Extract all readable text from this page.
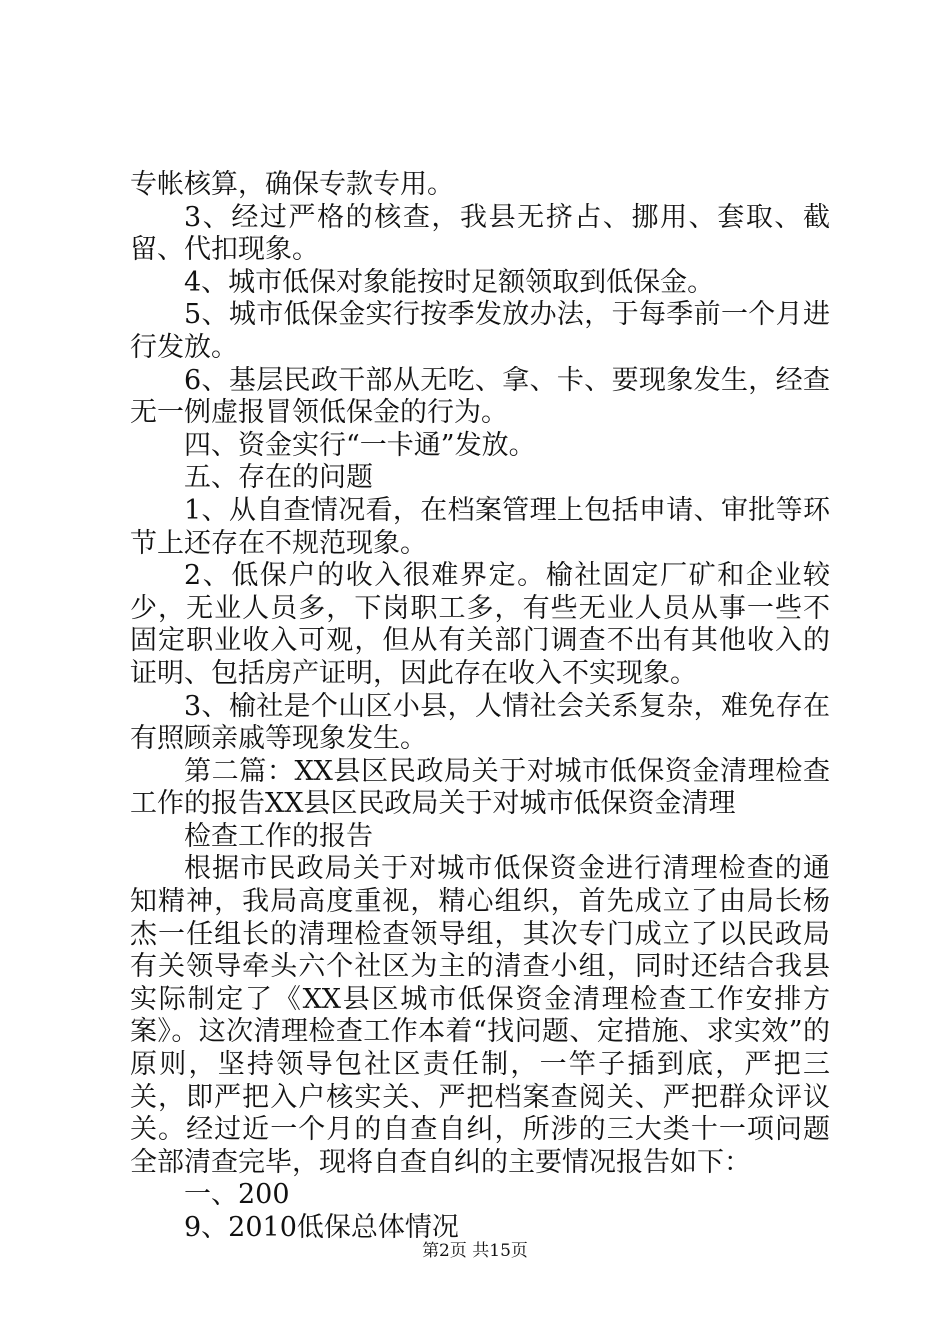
专帐核算，确保专款专用。

3、经过严格的核查，我县无挤占、挪用、套取、截留、代扣现象。

4、城市低保对象能按时足额领取到低保金。

5、城市低保金实行按季发放办法，于每季前一个月进行发放。

6、基层民政干部从无吃、拿、卡、要现象发生，经查无一例虚报冒领低保金的行为。

四、资金实行“一卡通”发放。

五、存在的问题

1、从自查情况看，在档案管理上包括申请、审批等环节上还存在不规范现象。

2、低保户的收入很难界定。榆社固定厂矿和企业较少，无业人员多，下岗职工多，有些无业人员从事一些不固定职业收入可观，但从有关部门调查不出有其他收入的证明、包括房产证明，因此存在收入不实现象。

3、榆社是个山区小县，人情社会关系复杂，难免存在有照顾亲戚等现象发生。

第二篇：XX县区民政局关于对城市低保资金清理检查工作的报告XX县区民政局关于对城市低保资金清理

检查工作的报告

根据市民政局关于对城市低保资金进行清理检查的通知精神，我局高度重视，精心组织，首先成立了由局长杨杰一任组长的清理检查领导组，其次专门成立了以民政局有关领导牵头六个社区为主的清查小组，同时还结合我县实际制定了《XX县区城市低保资金清理检查工作安排方案》。这次清理检查工作本着“找问题、定措施、求实效”的原则，坚持领导包社区责任制，一竿子插到底，严把三关，即严把入户核实关、严把档案查阅关、严把群众评议关。经过近一个月的自查自纠，所涉的三大类十一项问题全部清查完毕，现将自查自纠的主要情况报告如下：

一、200

9、2010低保总体情况

第2页 共15页
